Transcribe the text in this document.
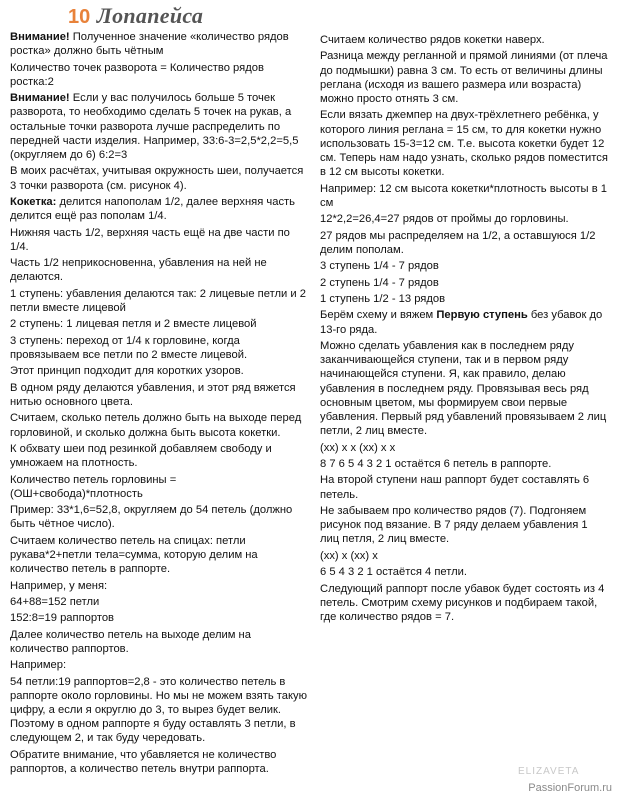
10 Лопапейса

Внимание! Полученное значение «количество рядов ростка» должно быть чётным

Количество точек разворота = Количество рядов ростка:2

Внимание! Если у вас получилось больше 5 точек разворота, то необходимо сделать 5 точек на рукав, а остальные точки разворота лучше распределить по передней части изделия. Например, 33:6-3=2,5*2,2=5,5 (округляем до 6) 6:2=3

В моих расчётах, учитывая окружность шеи, получается 3 точки разворота (см. рисунок 4).

Кокетка: делится напополам 1/2, далее верхняя часть делится ещё раз пополам 1/4.

Нижняя часть 1/2, верхняя часть ещё на две части по 1/4.

Часть 1/2 неприкосновенна, убавления на ней не делаются.

1 ступень: убавления делаются так: 2 лицевые петли и 2 петли вместе лицевой

2 ступень: 1 лицевая петля и 2 вместе лицевой

3 ступень: переход от 1/4 к горловине, когда провязываем все петли по 2 вместе лицевой.

Этот принцип подходит для коротких узоров.

В одном ряду делаются убавления, и этот ряд вяжется нитью основного цвета.

Считаем, сколько петель должно быть на выходе перед горловиной, и сколько должна быть высота кокетки.

К обхвату шеи под резинкой добавляем свободу и умножаем на плотность.

Количество петель горловины = (ОШ+свобода)*плотность

Пример: 33*1,6=52,8, округляем до 54 петель (должно быть чётное число).

Считаем количество петель на спицах: петли рукава*2+петли тела=сумма, которую делим на количество петель в раппорте.

Например, у меня:

64+88=152 петли

152:8=19 раппортов

Далее количество петель на выходе делим на количество раппортов.

Например:

54 петли:19 раппортов=2,8 - это количество петель в раппорте около горловины. Но мы не можем взять такую цифру, а если я округлю до 3, то вырез будет велик. Поэтому в одном раппорте я буду оставлять 3 петли, в следующем 2, и так буду чередовать.

Обратите внимание, что убавляется не количество раппортов, а количество петель внутри раппорта.

Считаем количество рядов кокетки наверх.

Разница между регланной и прямой линиями (от плеча до подмышки) равна 3 см. То есть от величины длины реглана (исходя из вашего размера или возраста) можно просто отнять 3 см.

Если вязать джемпер на двух-трёхлетнего ребёнка, у которого линия реглана = 15 см, то для кокетки нужно использовать 15-3=12 см. Т.е. высота кокетки будет 12 см. Теперь нам надо узнать, сколько рядов поместится в 12 см высоты кокетки.

Например: 12 см высота кокетки*плотность высоты в 1 см

12*2,2=26,4=27 рядов от проймы до горловины.

27 рядов мы распределяем на 1/2, а оставшуюся 1/2 делим пополам.

3 ступень 1/4 - 7 рядов

2 ступень 1/4 - 7 рядов

1 ступень 1/2 - 13 рядов

Берём схему и вяжем Первую ступень без убавок до 13-го ряда.

Можно сделать убавления как в последнем ряду заканчивающейся ступени, так и в первом ряду начинающейся ступени. Я, как правило, делаю убавления в последнем ряду. Провязывая весь ряд основным цветом, мы формируем свои первые убавления. Первый ряд убавлений провязываем 2 лиц петли, 2 лиц вместе.

(хх) х х (хх) х х

8 7 6 5 4 3 2 1 остаётся 6 петель в раппорте.

На второй ступени наш раппорт будет составлять 6 петель.

Не забываем про количество рядов (7). Подгоняем рисунок под вязание. В 7 ряду делаем убавления 1 лиц петля, 2 лиц вместе.

(хх) х (хх) х

6 5 4 3 2 1 остаётся 4 петли.

Следующий раппорт после убавок будет состоять из 4 петель. Смотрим схему рисунков и подбираем такой, где количество рядов = 7.

ELIZAVETA
PassionForum.ru
